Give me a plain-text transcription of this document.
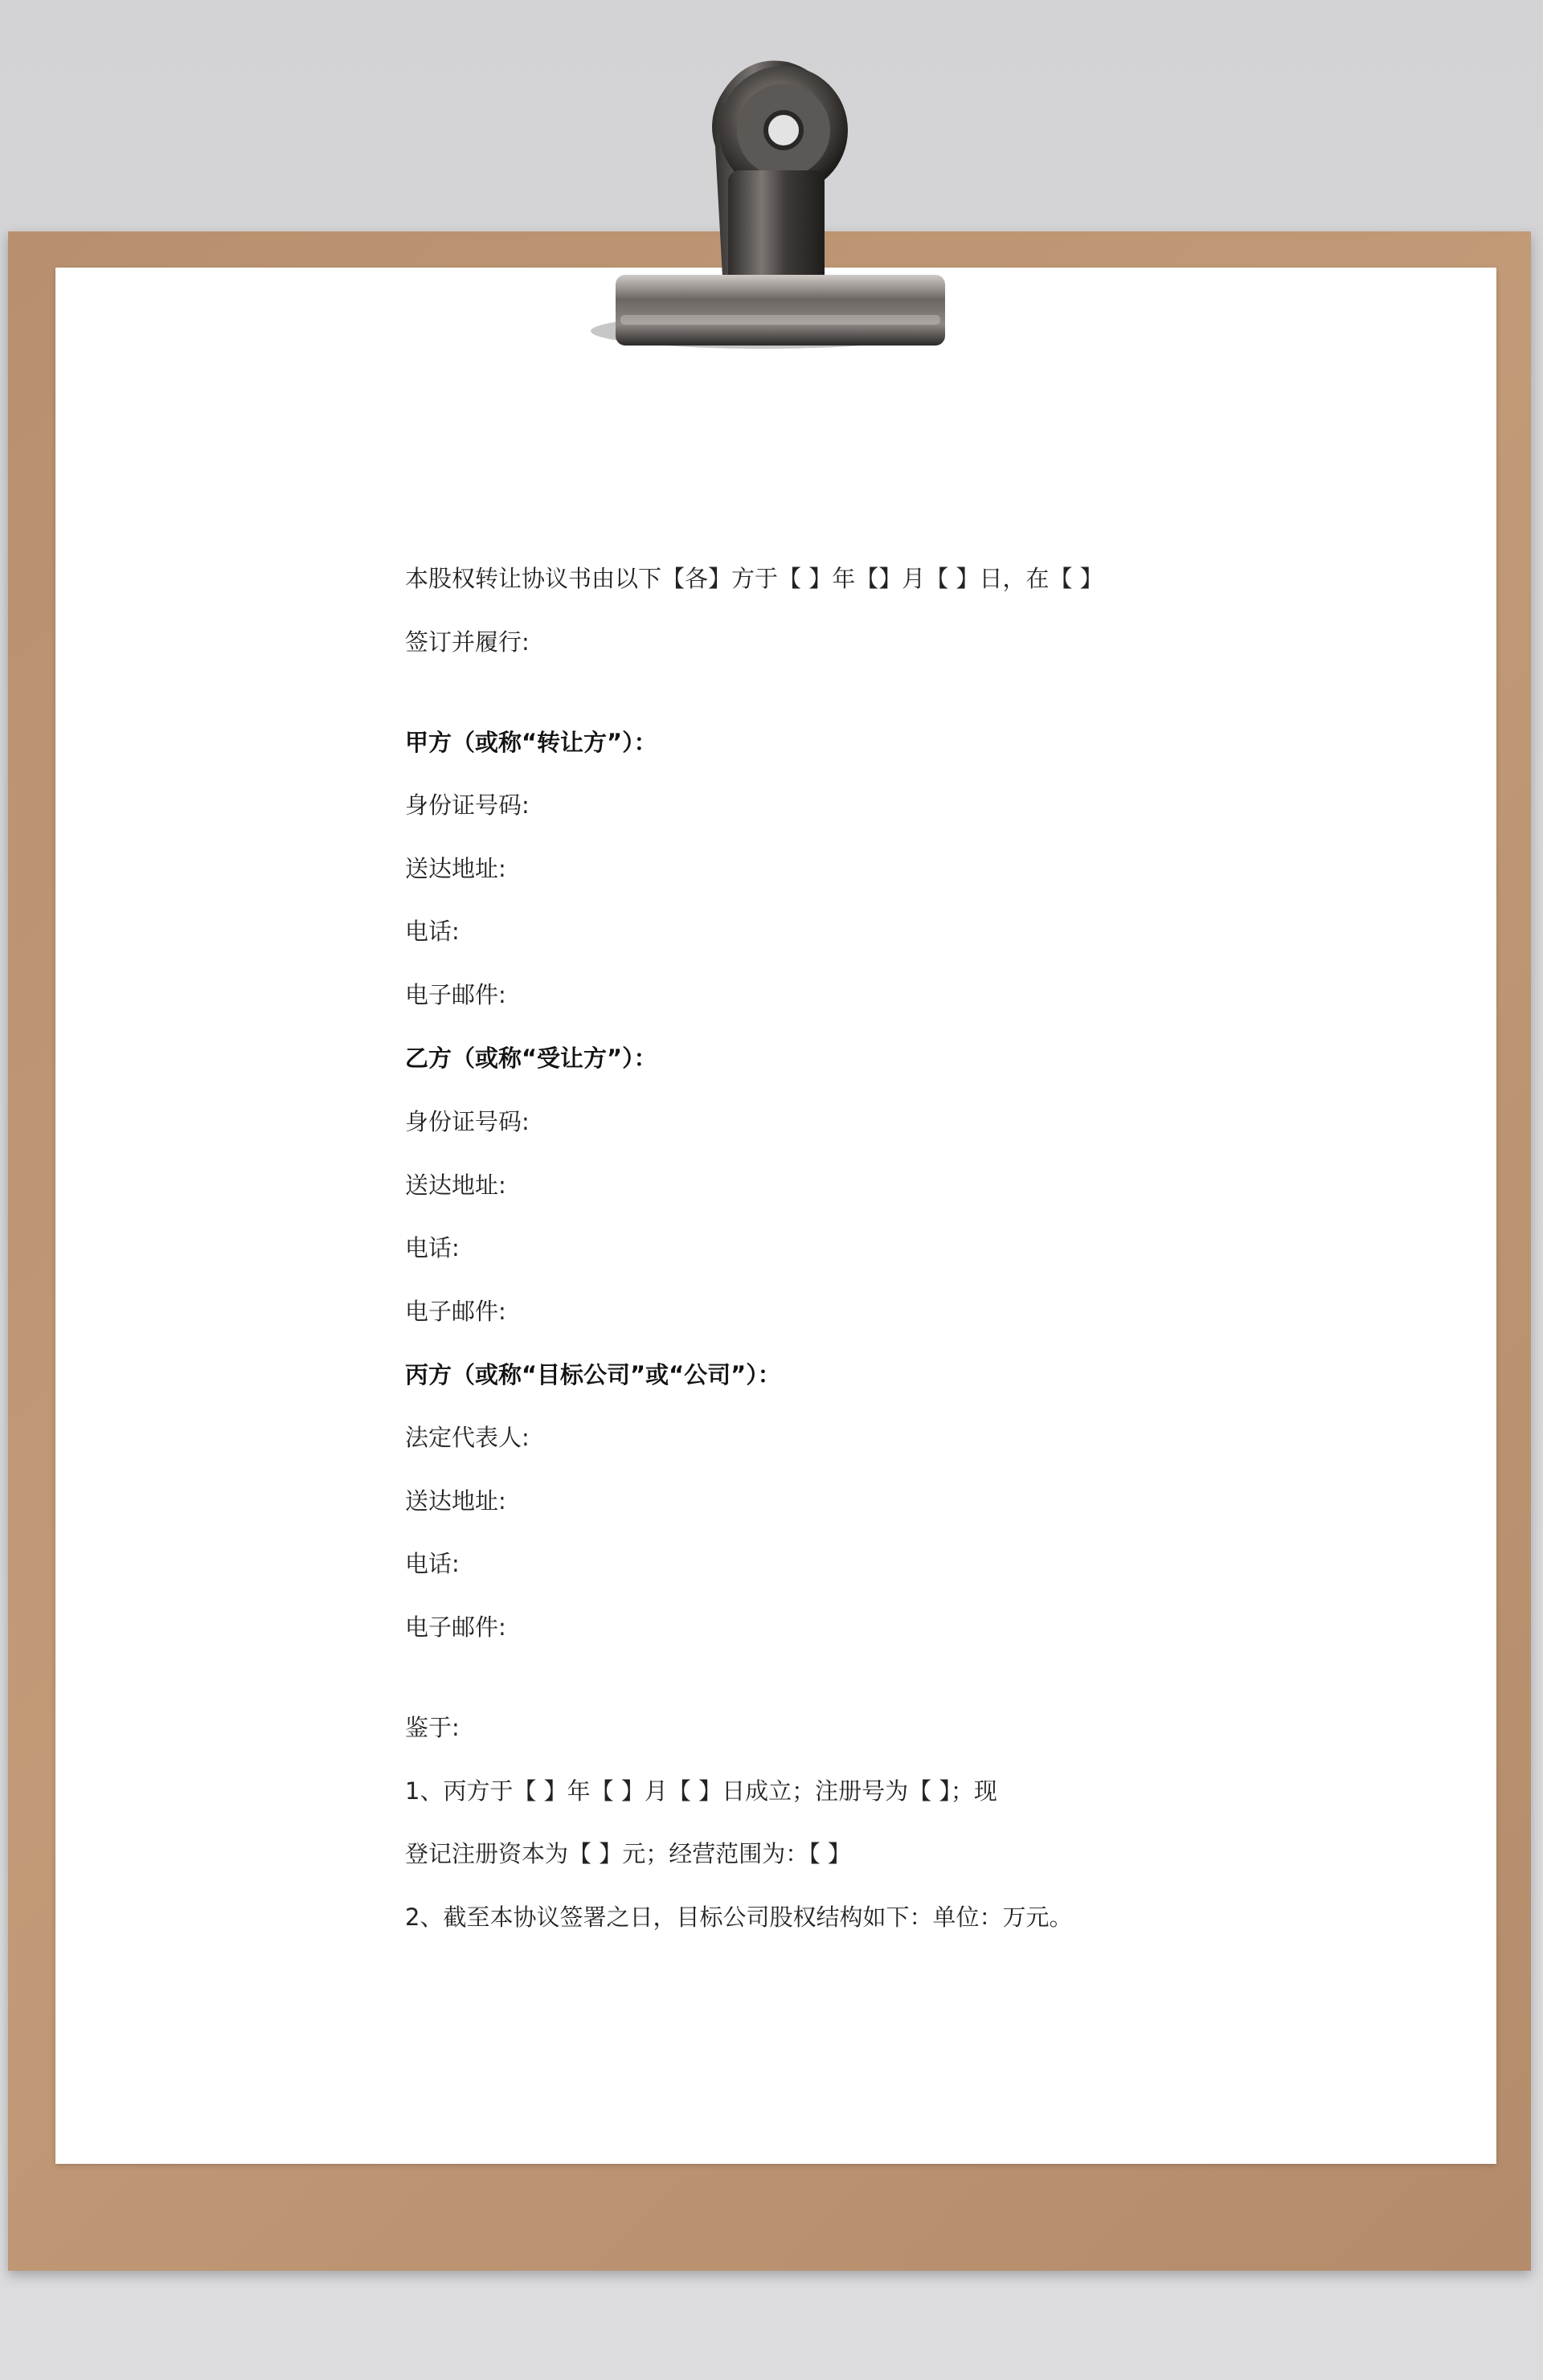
本股权转让协议书由以下【各】方于【 】年【】月【 】日，在【 】
签订并履行:
甲方（或称“转让方”）：
身份证号码:
送达地址:
电话:
电子邮件:
乙方（或称“受让方”）：
身份证号码:
送达地址:
电话:
电子邮件:
丙方（或称“目标公司”或“公司”）：
法定代表人:
送达地址:
电话:
电子邮件:
鉴于:
1、丙方于【 】年【 】月【 】日成立；注册号为【 】；现
登记注册资本为【 】元；经营范围为：【 】
2、截至本协议签署之日，目标公司股权结构如下：单位：万元。
